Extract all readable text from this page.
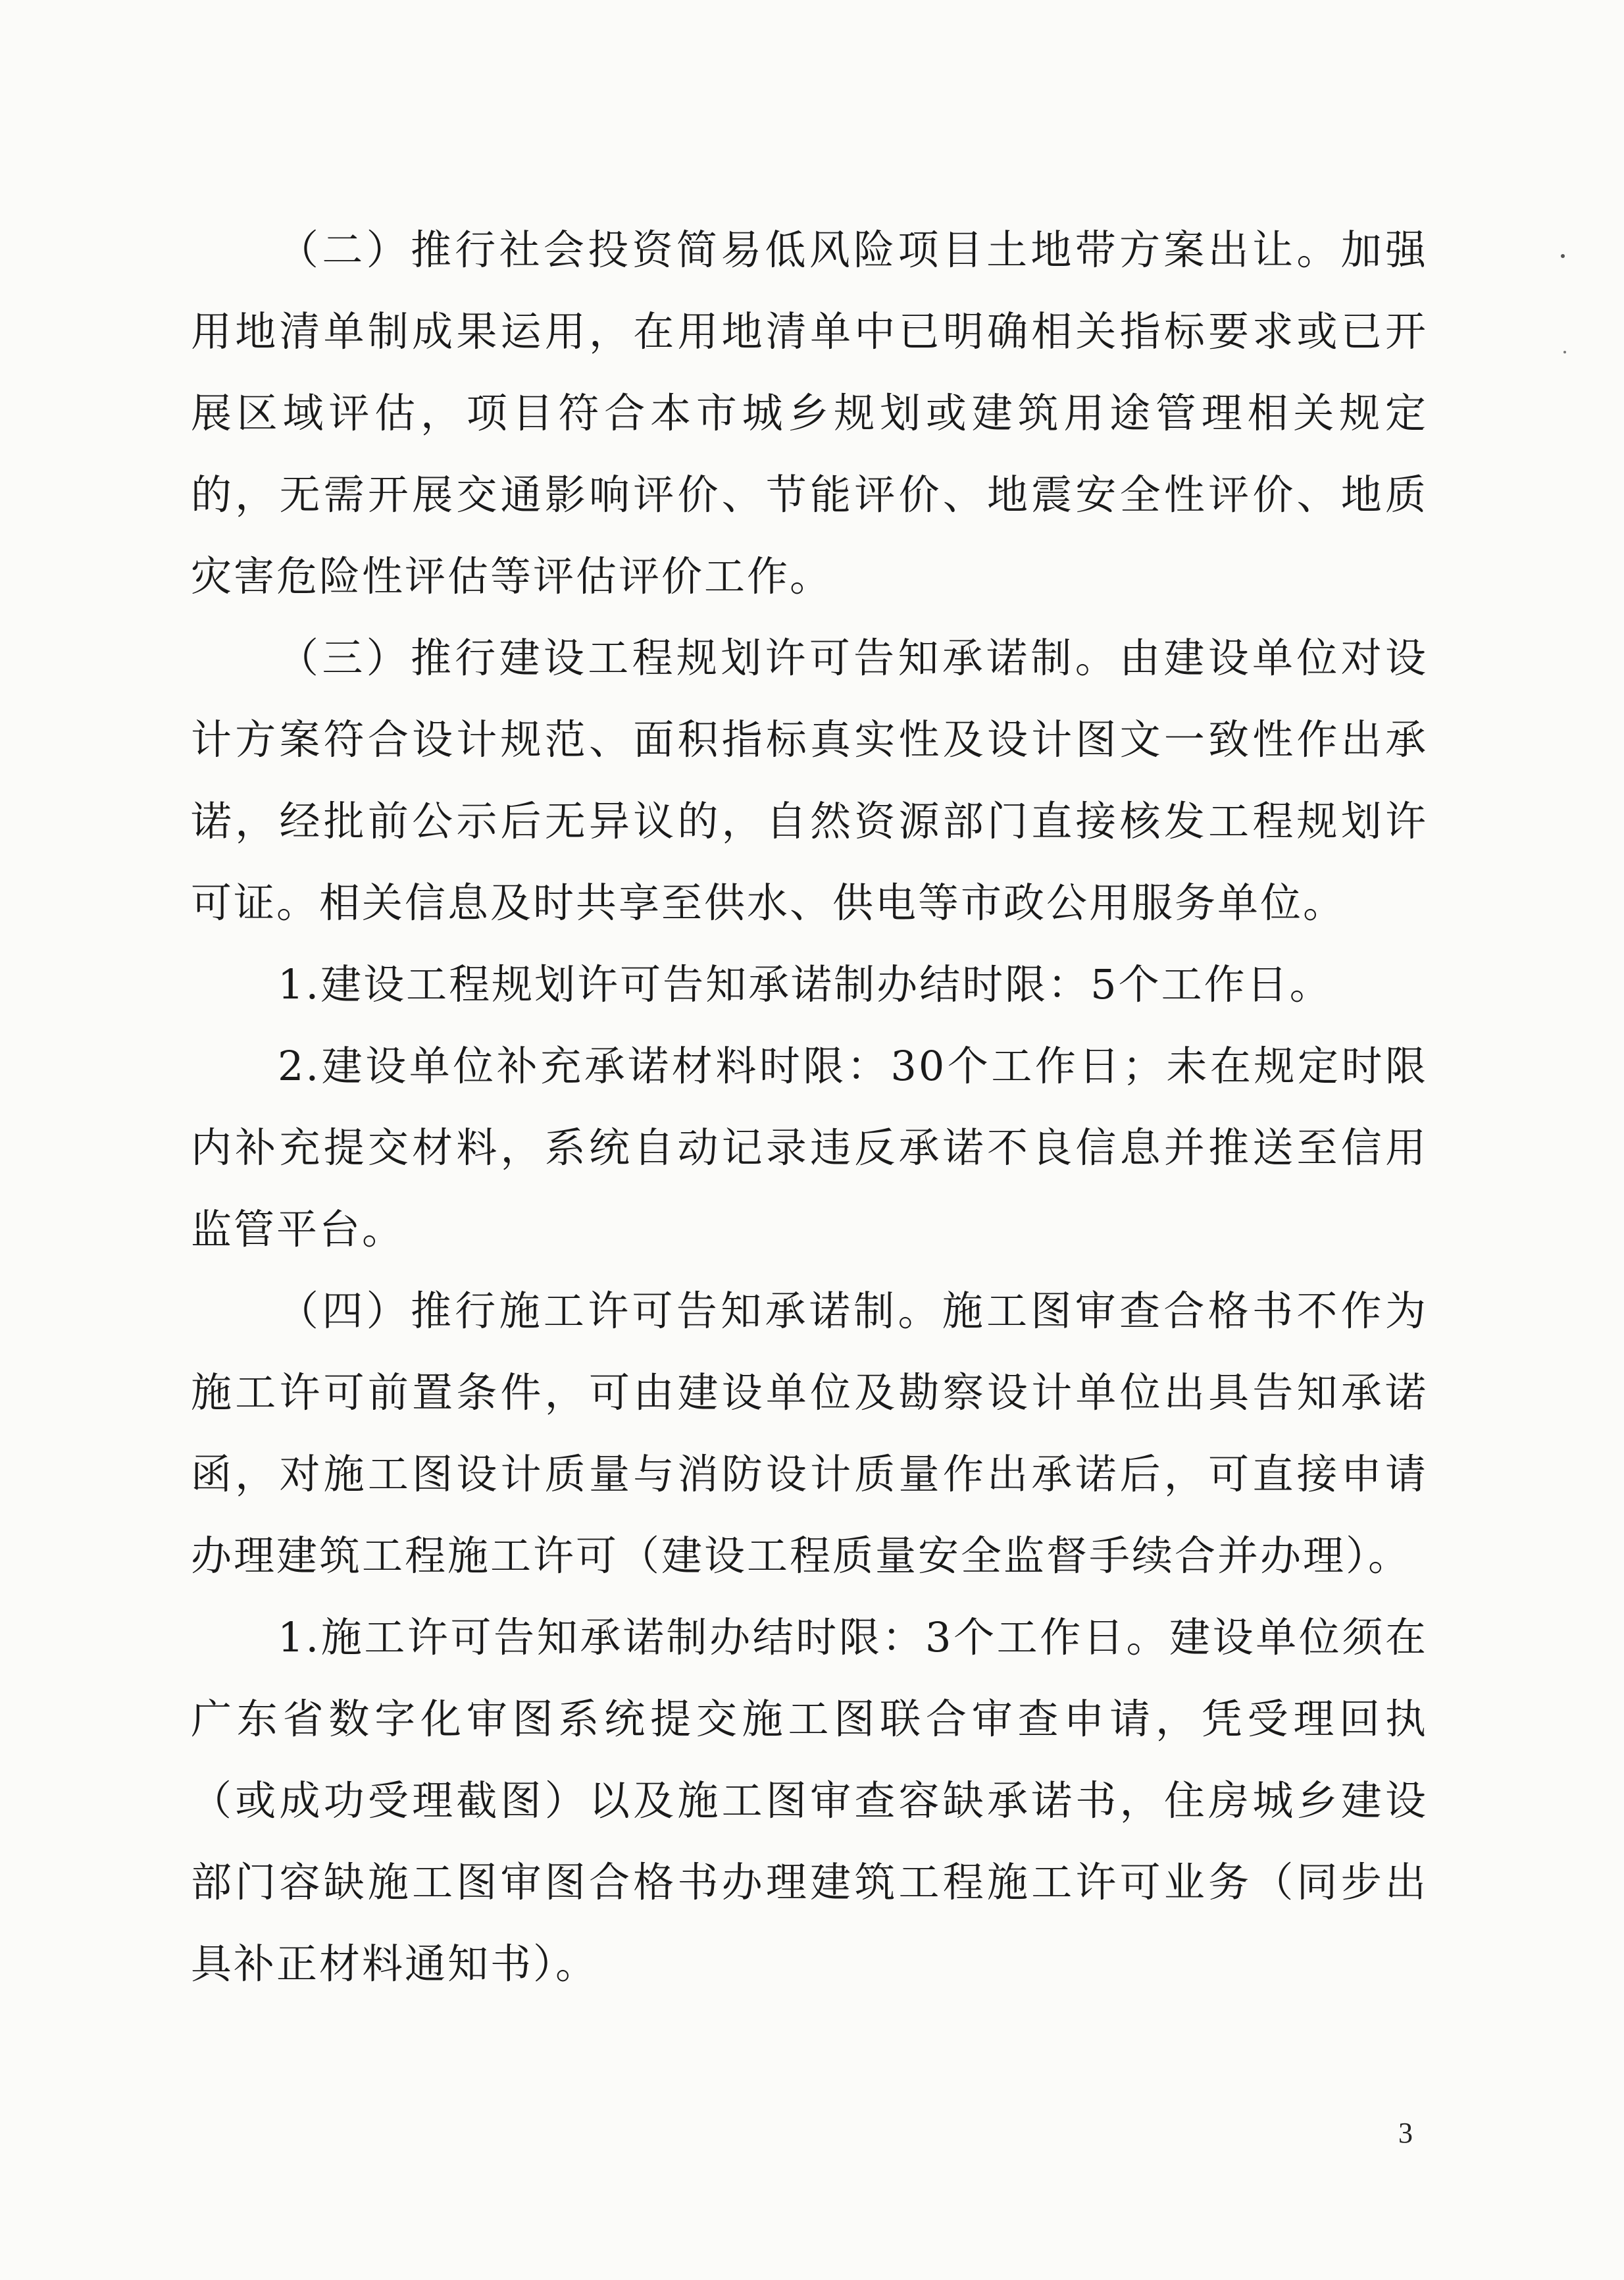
（二）推行社会投资简易低风险项目土地带方案出让。加强用地清单制成果运用，在用地清单中已明确相关指标要求或已开展区域评估，项目符合本市城乡规划或建筑用途管理相关规定的，无需开展交通影响评价、节能评价、地震安全性评价、地质灾害危险性评估等评估评价工作。

（三）推行建设工程规划许可告知承诺制。由建设单位对设计方案符合设计规范、面积指标真实性及设计图文一致性作出承诺，经批前公示后无异议的，自然资源部门直接核发工程规划许可证。相关信息及时共享至供水、供电等市政公用服务单位。

1.建设工程规划许可告知承诺制办结时限：5个工作日。

2.建设单位补充承诺材料时限：30个工作日；未在规定时限内补充提交材料，系统自动记录违反承诺不良信息并推送至信用监管平台。

（四）推行施工许可告知承诺制。施工图审查合格书不作为施工许可前置条件，可由建设单位及勘察设计单位出具告知承诺函，对施工图设计质量与消防设计质量作出承诺后，可直接申请办理建筑工程施工许可（建设工程质量安全监督手续合并办理）。

1.施工许可告知承诺制办结时限：3个工作日。建设单位须在广东省数字化审图系统提交施工图联合审查申请，凭受理回执（或成功受理截图）以及施工图审查容缺承诺书，住房城乡建设部门容缺施工图审图合格书办理建筑工程施工许可业务（同步出具补正材料通知书）。

3
